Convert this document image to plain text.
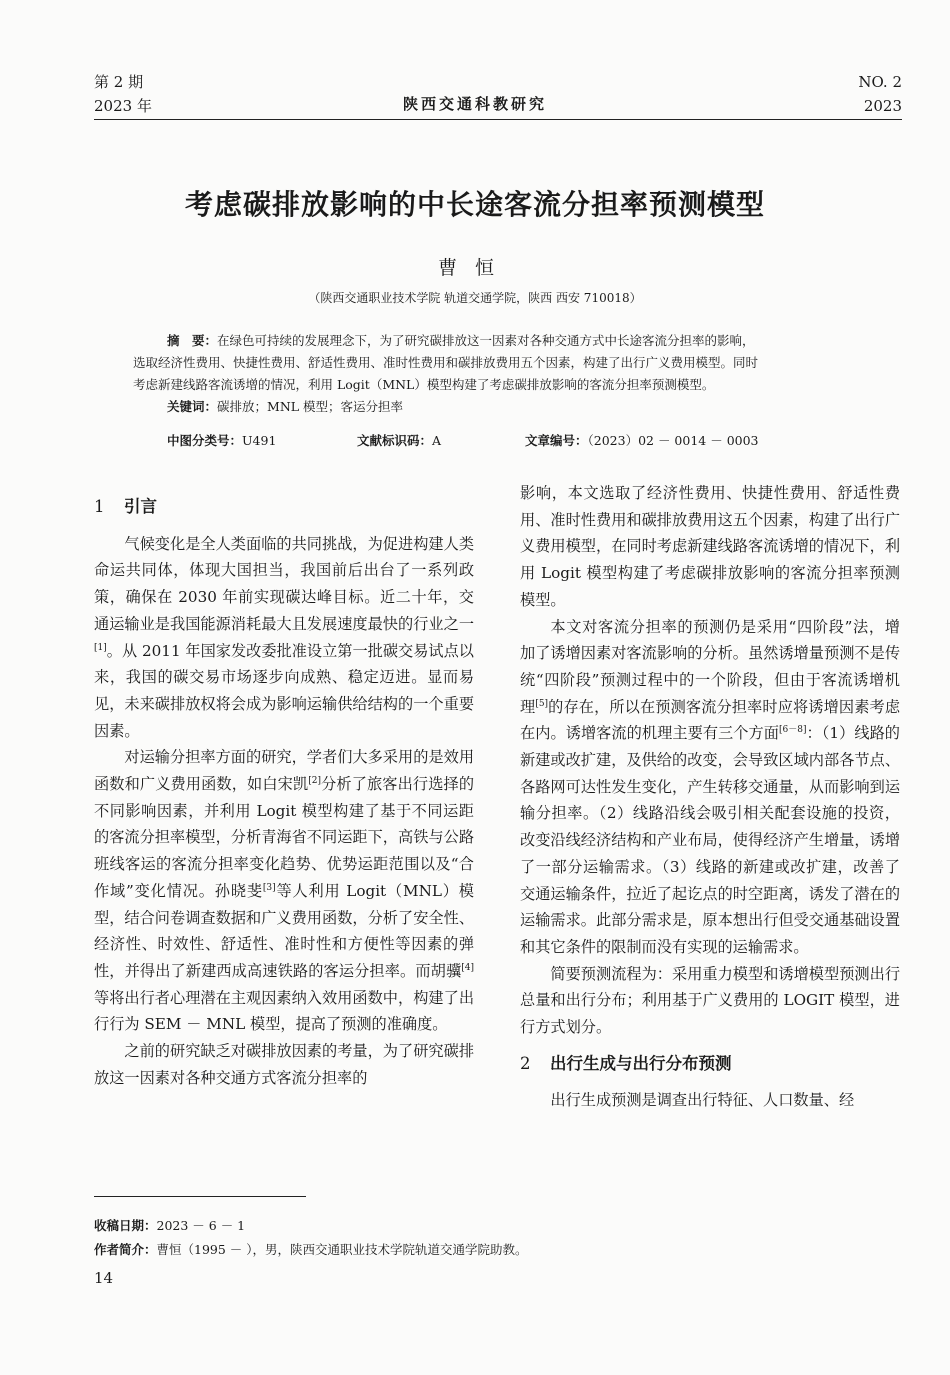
第 2 期
2023 年	陕西交通科教研究
NO. 2
2023
考虑碳排放影响的中长途客流分担率预测模型
曹恒
（陕西交通职业技术学院 轨道交通学院，陕西 西安 710018）

摘　要：在绿色可持续的发展理念下，为了研究碳排放这一因素对各种交通方式中长途客流分担率的影响，

选取经济性费用、快捷性费用、舒适性费用、准时性费用和碳排放费用五个因素，构建了出行广义费用模型。同时

考虑新建线路客流诱增的情况，利用 Logit（MNL）模型构建了考虑碳排放影响的客流分担率预测模型。

关键词：碳排放；MNL 模型；客运分担率

中图分类号：U491	文献标识码：A	文章编号：（2023）02 － 0014 － 0003
1 引言

气候变化是全人类面临的共同挑战，为促进构建人类命运共同体，体现大国担当，我国前后出台了一系列政策，确保在 2030 年前实现碳达峰目标。近二十年，交通运输业是我国能源消耗最大且发展速度最快的行业之一[1]。从 2011 年国家发改委批准设立第一批碳交易试点以来，我国的碳交易市场逐步向成熟、稳定迈进。显而易见，未来碳排放权将会成为影响运输供给结构的一个重要因素。

对运输分担率方面的研究，学者们大多采用的是效用函数和广义费用函数，如白宋凯[2]分析了旅客出行选择的不同影响因素，并利用 Logit 模型构建了基于不同运距的客流分担率模型，分析青海省不同运距下，高铁与公路班线客运的客流分担率变化趋势、优势运距范围以及“合作域”变化情况。孙晓斐[3]等人利用 Logit（MNL）模型，结合问卷调查数据和广义费用函数，分析了安全性、经济性、时效性、舒适性、准时性和方便性等因素的弹性，并得出了新建西成高速铁路的客运分担率。而胡骥[4]等将出行者心理潜在主观因素纳入效用函数中，构建了出行行为 SEM － MNL 模型，提高了预测的准确度。

之前的研究缺乏对碳排放因素的考量，为了研究碳排放这一因素对各种交通方式客流分担率的

影响，本文选取了经济性费用、快捷性费用、舒适性费用、准时性费用和碳排放费用这五个因素，构建了出行广义费用模型，在同时考虑新建线路客流诱增的情况下，利用 Logit 模型构建了考虑碳排放影响的客流分担率预测模型。

本文对客流分担率的预测仍是采用“四阶段”法，增加了诱增因素对客流影响的分析。虽然诱增量预测不是传统“四阶段”预测过程中的一个阶段，但由于客流诱增机理[5]的存在，所以在预测客流分担率时应将诱增因素考虑在内。诱增客流的机理主要有三个方面[6－8]：（1）线路的新建或改扩建，及供给的改变，会导致区域内部各节点、各路网可达性发生变化，产生转移交通量，从而影响到运输分担率。（2）线路沿线会吸引相关配套设施的投资，改变沿线经济结构和产业布局，使得经济产生增量，诱增了一部分运输需求。（3）线路的新建或改扩建，改善了交通运输条件，拉近了起讫点的时空距离，诱发了潜在的运输需求。此部分需求是，原本想出行但受交通基础设置和其它条件的限制而没有实现的运输需求。

简要预测流程为：采用重力模型和诱增模型预测出行总量和出行分布；利用基于广义费用的 LOGIT 模型，进行方式划分。

2 出行生成与出行分布预测

出行生成预测是调查出行特征、人口数量、经

收稿日期：2023 － 6 － 1
作者简介：曹恒（1995 － ），男，陕西交通职业技术学院轨道交通学院助教。
14
